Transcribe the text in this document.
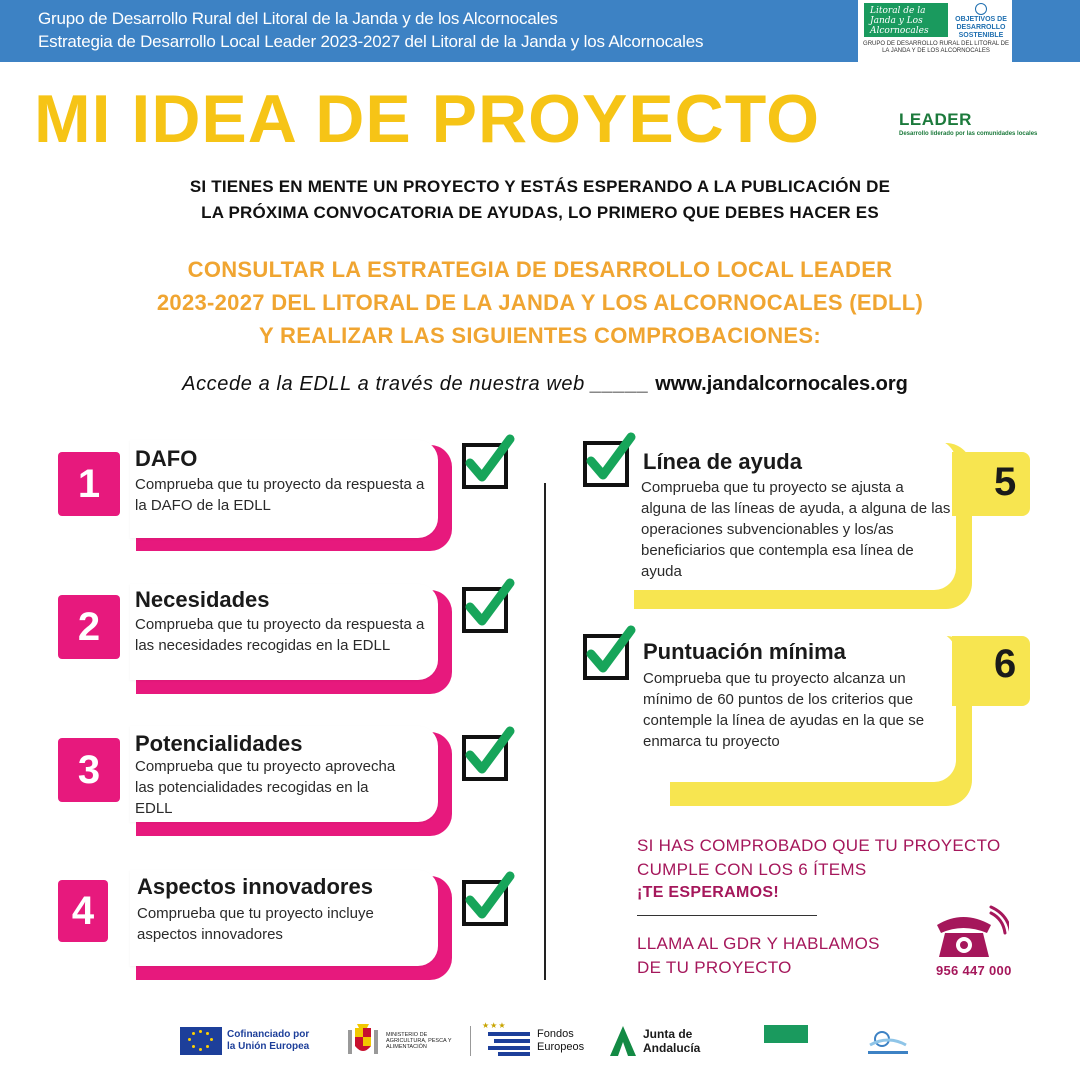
Grupo de Desarrollo Rural del Litoral de la Janda y de los Alcornocales
Estrategia de Desarrollo Local Leader 2023-2027 del Litoral de la Janda y los Alcornocales
Litoral de la Janda y Los Alcornocales
OBJETIVOS DE DESARROLLO SOSTENIBLE
GRUPO DE DESARROLLO RURAL DEL LITORAL DE LA JANDA Y DE LOS ALCORNOCALES
MI IDEA DE PROYECTO	LEADER
Desarrollo liderado por las comunidades locales
SI TIENES EN MENTE UN PROYECTO Y ESTÁS ESPERANDO A LA PUBLICACIÓN DE
LA PRÓXIMA CONVOCATORIA DE AYUDAS, LO PRIMERO QUE DEBES HACER ES
CONSULTAR LA ESTRATEGIA DE DESARROLLO LOCAL LEADER
2023-2027 DEL LITORAL DE LA JANDA Y LOS ALCORNOCALES (EDLL)
Y REALIZAR LAS SIGUIENTES COMPROBACIONES:
Accede a la EDLL a través de nuestra web _____ www.jandalcornocales.org
1
DAFO
Comprueba que tu proyecto da respuesta a la DAFO de la EDLL
2
Necesidades
Comprueba que tu proyecto da respuesta a las necesidades recogidas en la EDLL
3
Potencialidades
Comprueba que tu proyecto aprovecha las potencialidades recogidas en la EDLL
4
Aspectos innovadores
Comprueba que tu proyecto incluye aspectos innovadores
5
Línea de ayuda
Comprueba que tu proyecto se ajusta a alguna de las líneas de ayuda, a alguna de las operaciones subvencionables y los/as beneficiarios que contempla esa línea de ayuda
6
Puntuación mínima
Comprueba que tu proyecto alcanza un mínimo de 60 puntos de los criterios que contemple la línea de ayudas en la que se enmarca tu proyecto
SI HAS COMPROBADO QUE TU PROYECTO
CUMPLE CON LOS 6 ÍTEMS
¡TE ESPERAMOS!
LLAMA AL GDR Y HABLAMOS
DE TU PROYECTO	956 447 000
Cofinanciado por la Unión Europea
MINISTERIO DE AGRICULTURA, PESCA Y ALIMENTACIÓN
★★★
Fondos Europeos
Junta de Andalucía
